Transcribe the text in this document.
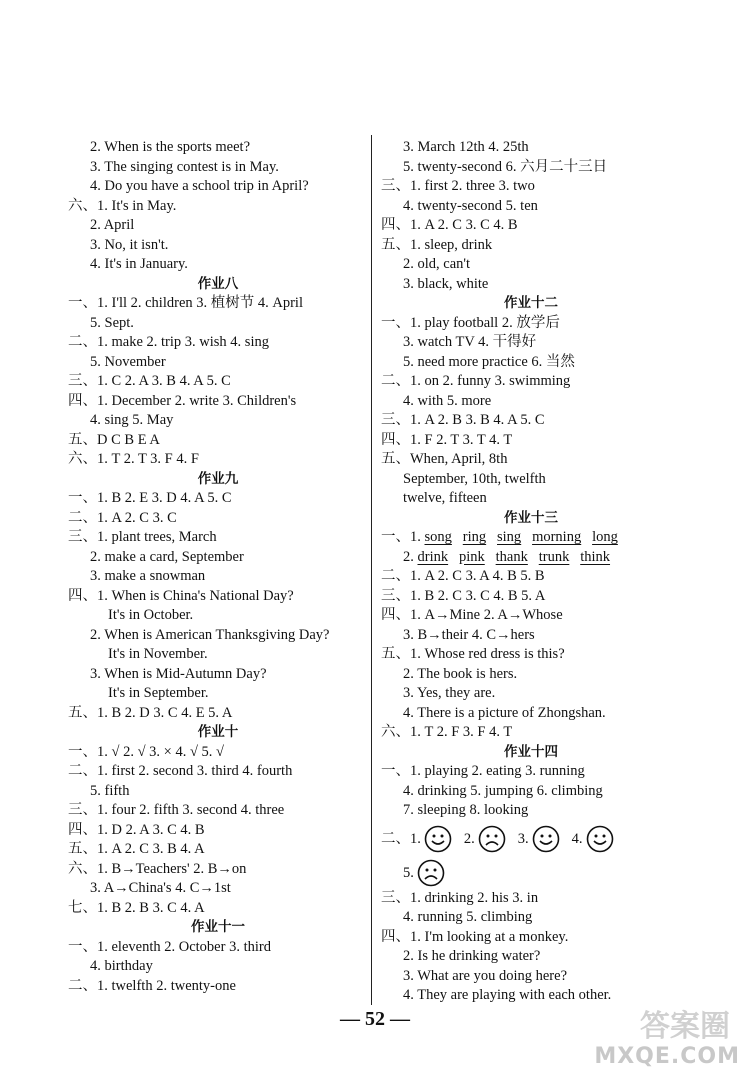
2. When is the sports meet?
3. The singing contest is in May.
4. Do you have a school trip in April?
六、1. It's in May.
2. April
3. No, it isn't.
4. It's in January.
作业八
一、1. I'll 2. children 3. 植树节 4. April
5. Sept.
二、1. make 2. trip 3. wish 4. sing
5. November
三、1. C 2. A 3. B 4. A 5. C
四、1. December 2. write 3. Children's
4. sing 5. May
五、D C B E A
六、1. T 2. T 3. F 4. F
作业九
一、1. B 2. E 3. D 4. A 5. C
二、1. A 2. C 3. C
三、1. plant trees, March
2. make a card, September
3. make a snowman
四、1. When is China's National Day?
It's in October.
2. When is American Thanksgiving Day?
It's in November.
3. When is Mid-Autumn Day?
It's in September.
五、1. B 2. D 3. C 4. E 5. A
作业十
一、1. √ 2. √ 3. × 4. √ 5. √
二、1. first 2. second 3. third 4. fourth
5. fifth
三、1. four 2. fifth 3. second 4. three
四、1. D 2. A 3. C 4. B
五、1. A 2. C 3. B 4. A
六、1. B→Teachers' 2. B→on
3. A→China's 4. C→1st
七、1. B 2. B 3. C 4. A
作业十一
一、1. eleventh 2. October 3. third
4. birthday
二、1. twelfth 2. twenty-one
3. March 12th 4. 25th
5. twenty-second 6. 六月二十三日
三、1. first 2. three 3. two
4. twenty-second 5. ten
四、1. A 2. C 3. C 4. B
五、1. sleep, drink
2. old, can't
3. black, white
作业十二
一、1. play football 2. 放学后
3. watch TV 4. 干得好
5. need more practice 6. 当然
二、1. on 2. funny 3. swimming
4. with 5. more
三、1. A 2. B 3. B 4. A 5. C
四、1. F 2. T 3. T 4. T
五、When, April, 8th
September, 10th, twelfth
twelve, fifteen
作业十三
一、1. song ring sing morning long
2. drink pink thank trunk think
二、1. A 2. C 3. A 4. B 5. B
三、1. B 2. C 3. C 4. B 5. A
四、1. A→Mine 2. A→Whose
3. B→their 4. C→hers
五、1. Whose red dress is this?
2. The book is hers.
3. Yes, they are.
4. There is a picture of Zhongshan.
六、1. T 2. F 3. F 4. T
作业十四
一、1. playing 2. eating 3. running
4. drinking 5. jumping 6. climbing
7. sleeping 8. looking
二、1.	2.	3.	4.
5.
三、1. drinking 2. his 3. in
4. running 5. climbing
四、1. I'm looking at a monkey.
2. Is he drinking water?
3. What are you doing here?
4. They are playing with each other.
— 52 —	答案圈
MXQE.COM
